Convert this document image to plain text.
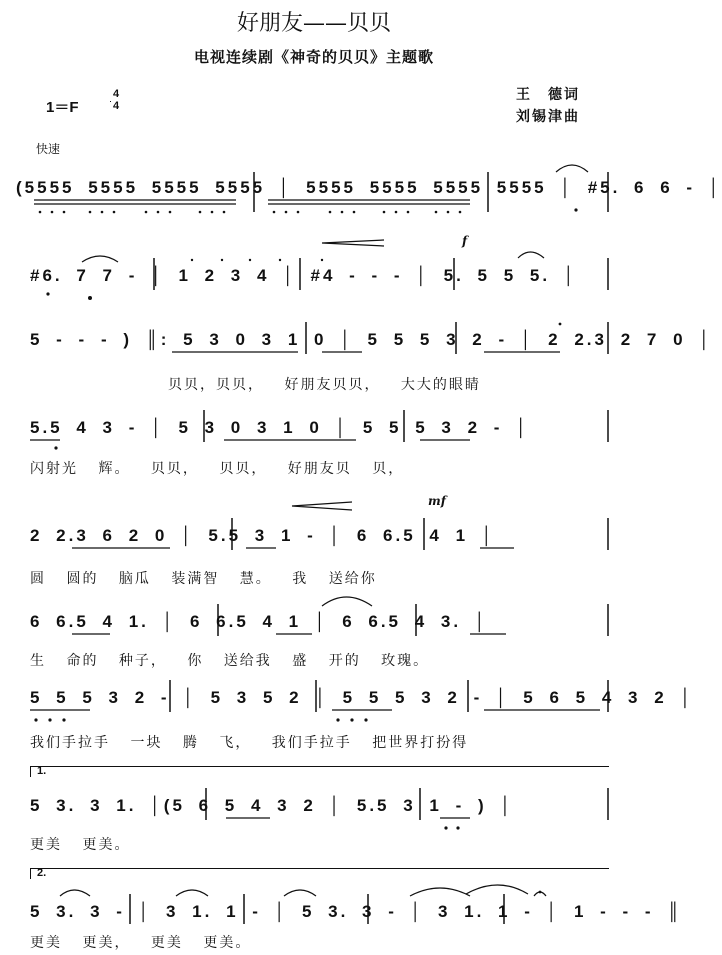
好朋友——贝贝
电视连续剧《神奇的贝贝》主题歌
1＝F
4
4
王　德词
刘锡津曲
快速
f
mf
(5555 5555 5555 5555 │ 5555 5555 5555 5555 │ #5. 6 6 - │
#6. 7 7 - │ 1 2 3 4 │ #4 - - - │ 5. 5 5 5. │
5 - - - ) ║: 5 3 0 3 1 0 │ 5 5 5 3 2 - │ 2 2.3 2 7 0 │
贝贝，贝贝， 好朋友贝贝， 大大的眼睛
5.5 4 3 - │ 5 3 0 3 1 0 │ 5 5 5 3 2 - │
闪射光 辉。 贝贝， 贝贝， 好朋友贝 贝，
2 2.3 6 2 0 │ 5.5 3 1 - │ 6 6.5 4 1 │
圆 圆的 脑瓜 装满智 慧。 我 送给你
6 6.5 4 1. │ 6 6.5 4 1 │ 6 6.5 4 3. │
生 命的 种子， 你 送给我 盛 开的 玫瑰。
5 5 5 3 2 - │ 5 3 5 2 │ 5 5 5 3 2 - │ 5 6 5 4 3 2 │
我们手拉手 一块 腾 飞， 我们手拉手 把世界打扮得
1.
5 3. 3 1. │(5 6 5 4 3 2 │ 5.5 3 1 - ) │
更美 更美。
2.
5 3. 3 - │ 3 1. 1 - │ 5 3. 3 - │ 3 1. 1 - │ 1 - - - ║
更美 更美， 更美 更美。
